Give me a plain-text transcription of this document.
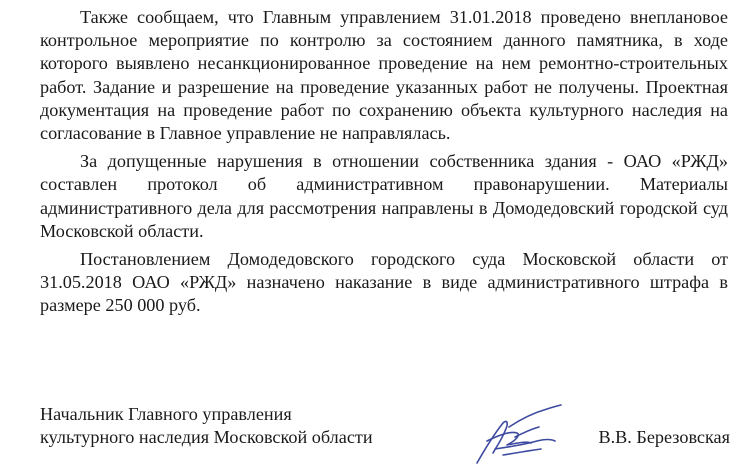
Также сообщаем, что Главным управлением 31.01.2018 проведено внеплановое контрольное мероприятие по контролю за состоянием данного памятника, в ходе которого выявлено несанкционированное проведение на нем ремонтно-строительных работ. Задание и разрешение на проведение указанных работ не получены. Проектная документация на проведение работ по сохранению объекта культурного наследия на согласование в Главное управление не направлялась.

За допущенные нарушения в отношении собственника здания - ОАО «РЖД» составлен протокол об административном правонарушении. Материалы административного дела для рассмотрения направлены в Домодедовский городской суд Московской области.

Постановлением Домодедовского городского суда Московской области от 31.05.2018 ОАО «РЖД» назначено наказание в виде административного штрафа в размере 250 000 руб.

Начальник Главного управления
культурного наследия Московской области	В.В. Березовская
